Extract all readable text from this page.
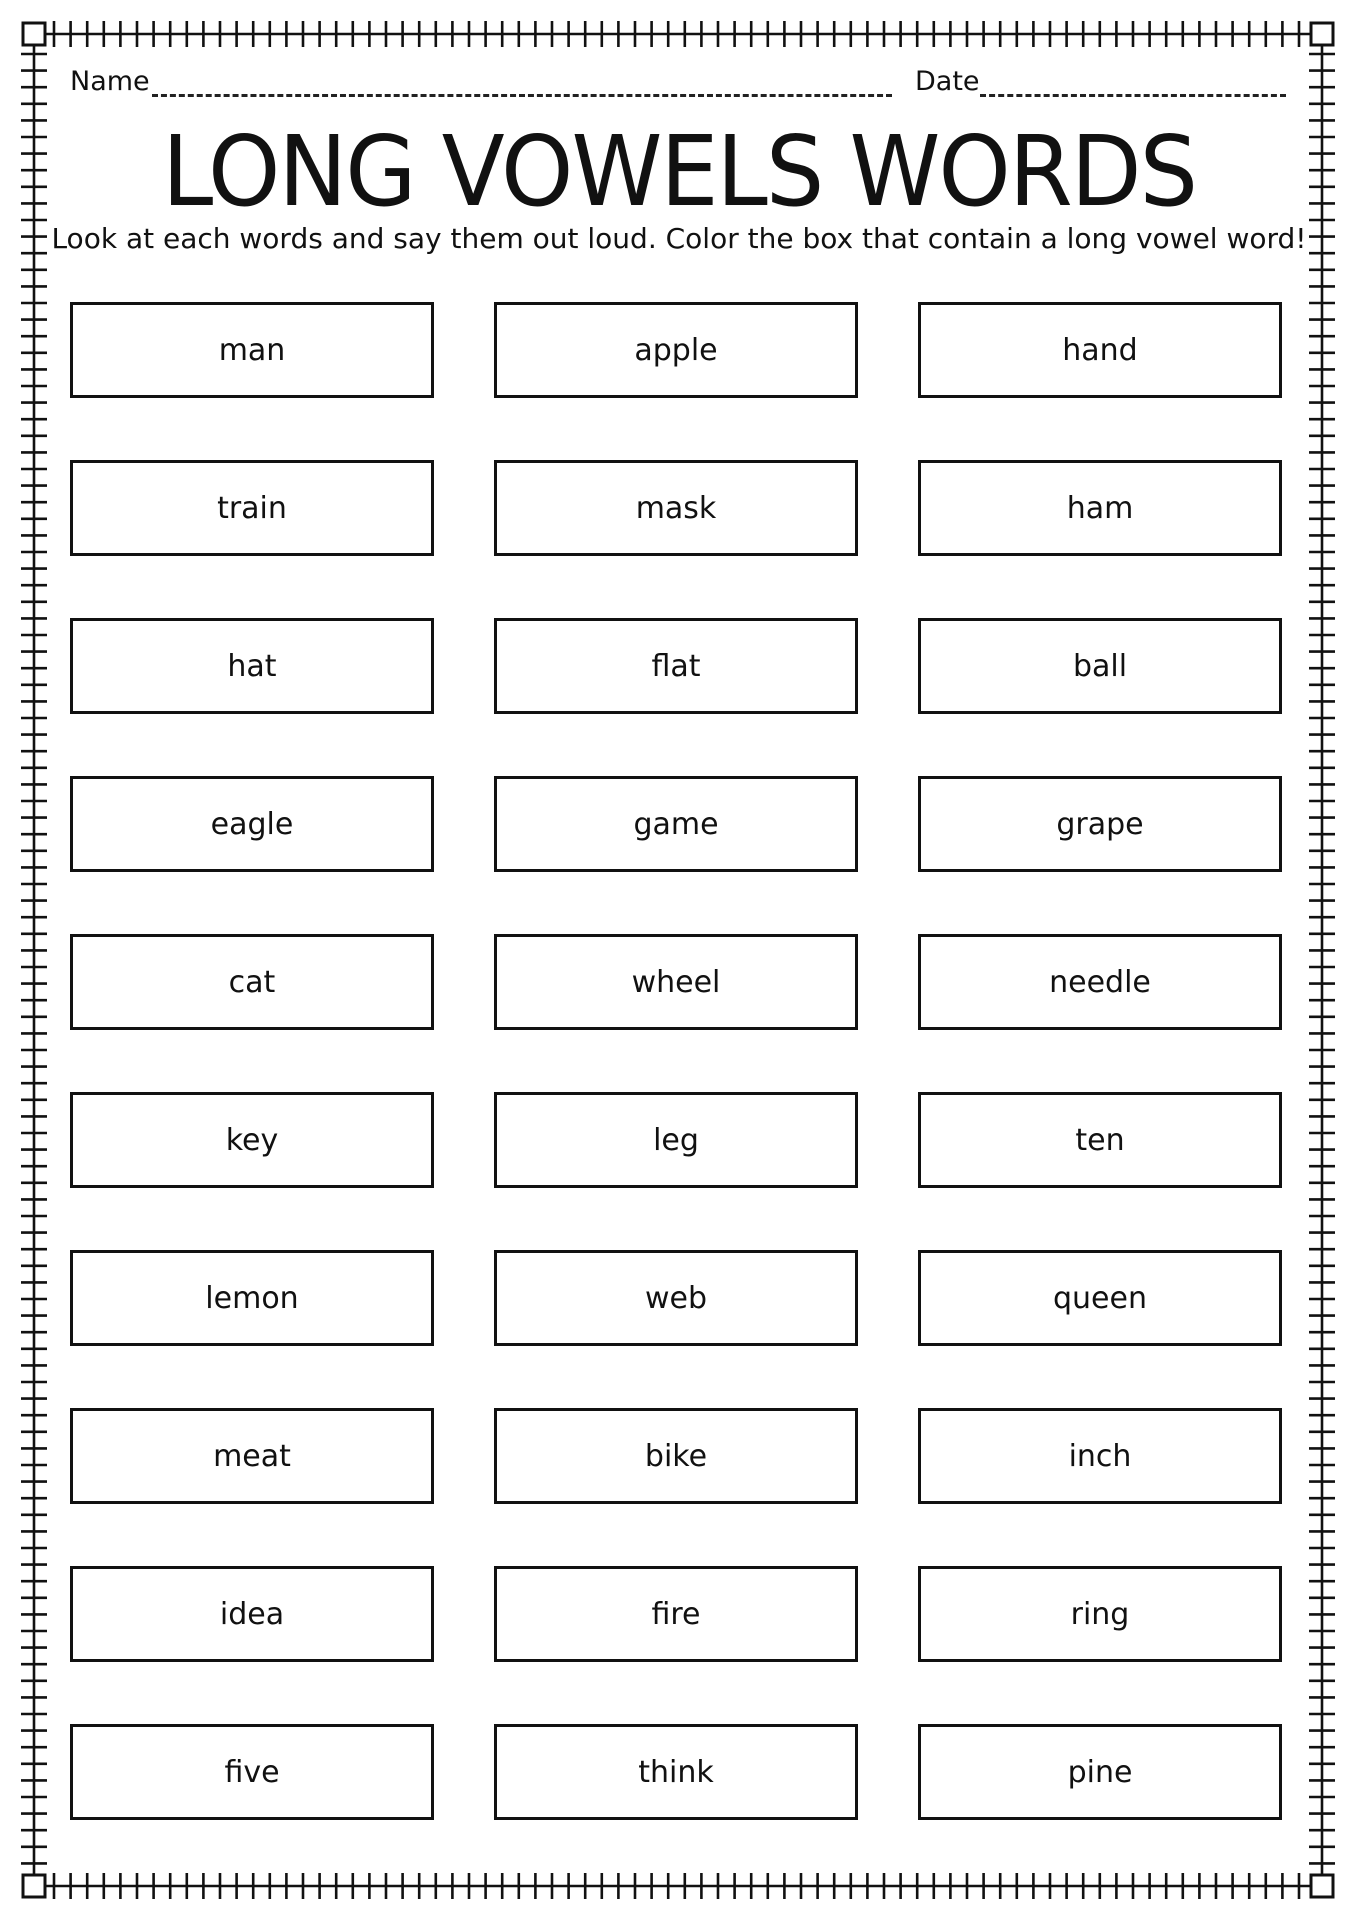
Name	Date
LONG VOWELS WORDS
Look at each words and say them out loud. Color the box that contain a long vowel word!
man	apple	hand
train	mask	ham
hat	flat	ball
eagle	game	grape
cat	wheel	needle
key	leg	ten
lemon	web	queen
meat	bike	inch
idea	fire	ring
five	think	pine
